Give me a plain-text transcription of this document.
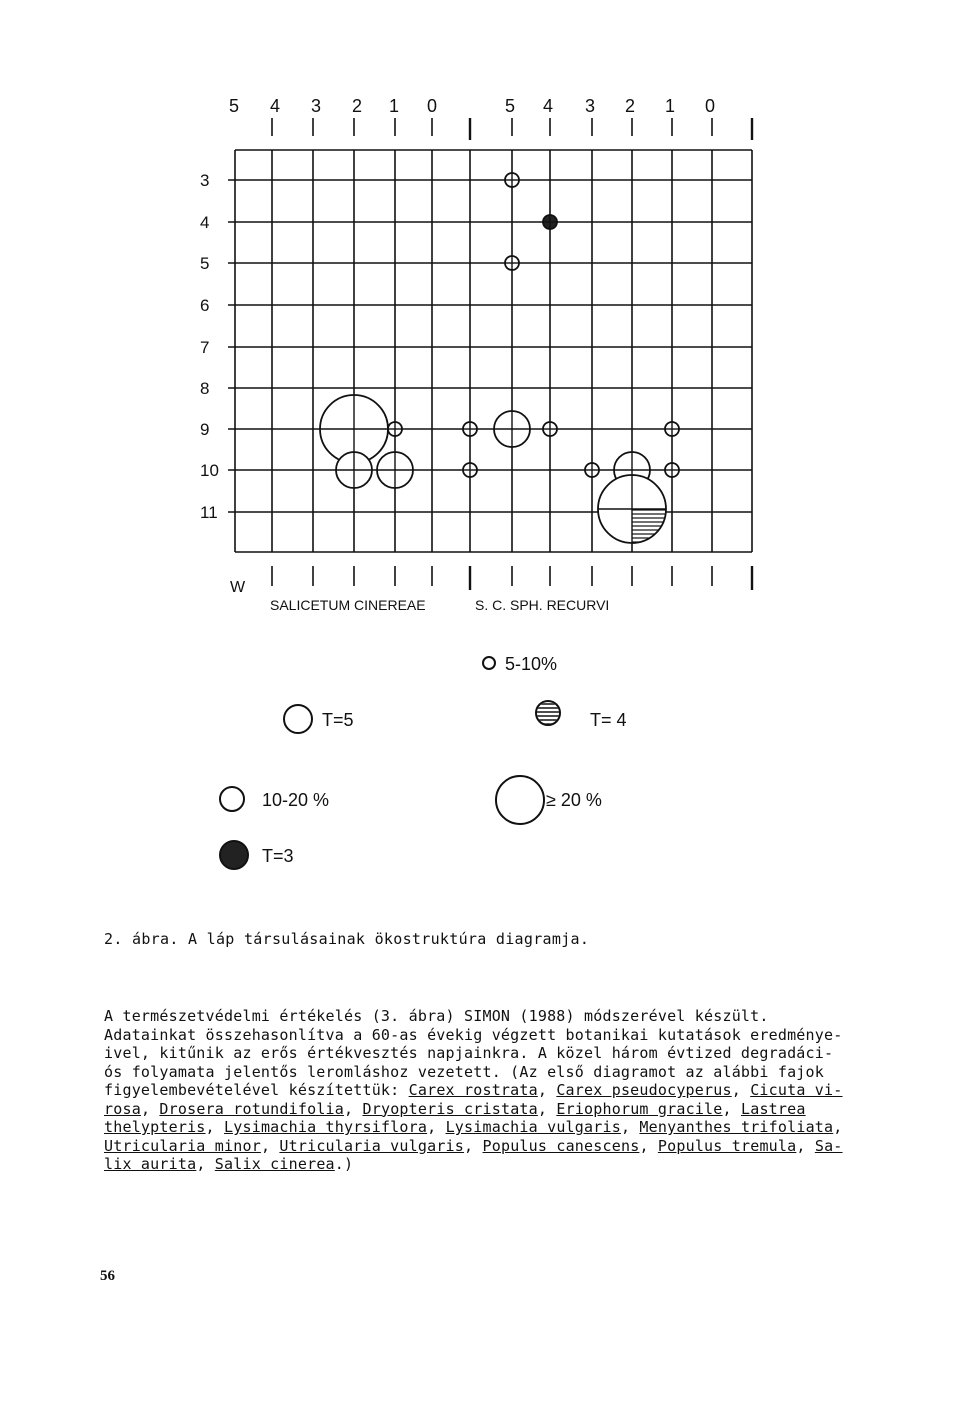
5 4 3 2 1 0	5 4 3 2 1 0
3
4
5
6
7
8
9
10
11
W
SALICETUM CINEREAE	S. C. SPH. RECURVI
5-10%
T=5	T= 4
10-20 %	≥ 20 %
T=3
2. ábra. A láp társulásainak ökostruktúra diagramja.
A természetvédelmi értékelés (3. ábra) SIMON (1988) módszerével készült.
Adatainkat összehasonlítva a 60-as évekig végzett botanikai kutatások eredménye-
ivel, kitűnik az erős értékvesztés napjainkra. A közel három évtized degradáci-
ós folyamata jelentős leromláshoz vezetett. (Az első diagramot az alábbi fajok
figyelembevételével készítettük: Carex rostrata, Carex pseudocyperus, Cicuta vi-
rosa, Drosera rotundifolia, Dryopteris cristata, Eriophorum gracile, Lastrea
thelypteris, Lysimachia thyrsiflora, Lysimachia vulgaris, Menyanthes trifoliata,
Utricularia minor, Utricularia vulgaris, Populus canescens, Populus tremula, Sa-
lix aurita, Salix cinerea.)
56
